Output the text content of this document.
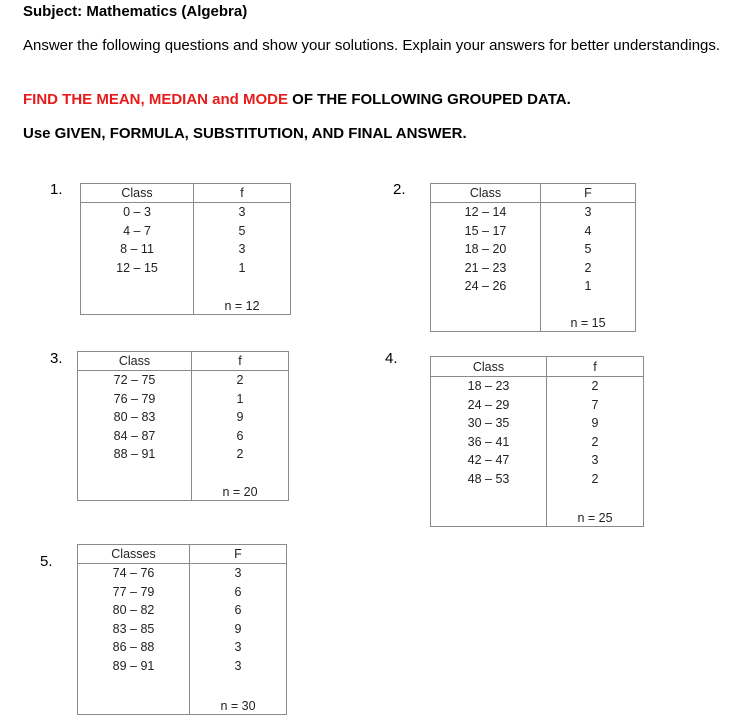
Subject: Mathematics (Algebra)
Answer the following questions and show your solutions. Explain your answers for better understandings.
FIND THE MEAN, MEDIAN and MODE OF THE FOLLOWING GROUPED DATA.
Use GIVEN, FORMULA, SUBSTITUTION, AND FINAL ANSWER.
1.	Class	f
0 – 3	3
4 – 7	5
8 – 11	3
12 – 15	1
	n = 12
2.	Class	F
12 – 14	3
15 – 17	4
18 – 20	5
21 – 23	2
24 – 26	1
	n = 15
3.	Class	f
72 – 75	2
76 – 79	1
80 – 83	9
84 – 87	6
88 – 91	2
	n = 20
4.	Class	f
18 – 23	2
24 – 29	7
30 – 35	9
36 – 41	2
42 – 47	3
48 – 53	2
	n = 25
5.	Classes	F
74 – 76	3
77 – 79	6
80 – 82	6
83 – 85	9
86 – 88	3
89 – 91	3
	n = 30
